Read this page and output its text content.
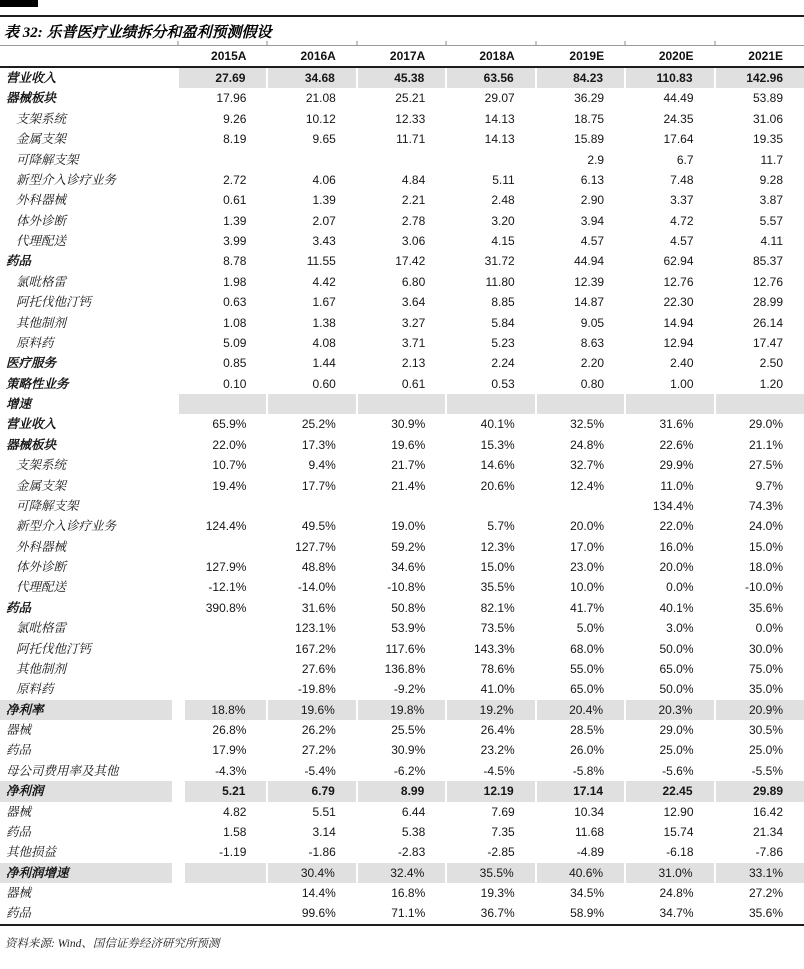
表 32: 乐普医疗业绩拆分和盈利预测假设
	2015A	2016A	2017A	2018A	2019E	2020E	2021E
营业收入	27.69	34.68	45.38	63.56	84.23	110.83	142.96
器械板块	17.96	21.08	25.21	29.07	36.29	44.49	53.89
支架系统	9.26	10.12	12.33	14.13	18.75	24.35	31.06
金属支架	8.19	9.65	11.71	14.13	15.89	17.64	19.35
可降解支架					2.9	6.7	11.7
新型介入诊疗业务	2.72	4.06	4.84	5.11	6.13	7.48	9.28
外科器械	0.61	1.39	2.21	2.48	2.90	3.37	3.87
体外诊断	1.39	2.07	2.78	3.20	3.94	4.72	5.57
代理配送	3.99	3.43	3.06	4.15	4.57	4.57	4.11
药品	8.78	11.55	17.42	31.72	44.94	62.94	85.37
氯吡格雷	1.98	4.42	6.80	11.80	12.39	12.76	12.76
阿托伐他汀钙	0.63	1.67	3.64	8.85	14.87	22.30	28.99
其他制剂	1.08	1.38	3.27	5.84	9.05	14.94	26.14
原料药	5.09	4.08	3.71	5.23	8.63	12.94	17.47
医疗服务	0.85	1.44	2.13	2.24	2.20	2.40	2.50
策略性业务	0.10	0.60	0.61	0.53	0.80	1.00	1.20
增速							
营业收入	65.9%	25.2%	30.9%	40.1%	32.5%	31.6%	29.0%
器械板块	22.0%	17.3%	19.6%	15.3%	24.8%	22.6%	21.1%
支架系统	10.7%	9.4%	21.7%	14.6%	32.7%	29.9%	27.5%
金属支架	19.4%	17.7%	21.4%	20.6%	12.4%	11.0%	9.7%
可降解支架						134.4%	74.3%
新型介入诊疗业务	124.4%	49.5%	19.0%	5.7%	20.0%	22.0%	24.0%
外科器械		127.7%	59.2%	12.3%	17.0%	16.0%	15.0%
体外诊断	127.9%	48.8%	34.6%	15.0%	23.0%	20.0%	18.0%
代理配送	-12.1%	-14.0%	-10.8%	35.5%	10.0%	0.0%	-10.0%
药品	390.8%	31.6%	50.8%	82.1%	41.7%	40.1%	35.6%
氯吡格雷		123.1%	53.9%	73.5%	5.0%	3.0%	0.0%
阿托伐他汀钙		167.2%	117.6%	143.3%	68.0%	50.0%	30.0%
其他制剂		27.6%	136.8%	78.6%	55.0%	65.0%	75.0%
原料药		-19.8%	-9.2%	41.0%	65.0%	50.0%	35.0%
净利率	18.8%	19.6%	19.8%	19.2%	20.4%	20.3%	20.9%
器械	26.8%	26.2%	25.5%	26.4%	28.5%	29.0%	30.5%
药品	17.9%	27.2%	30.9%	23.2%	26.0%	25.0%	25.0%
母公司费用率及其他	-4.3%	-5.4%	-6.2%	-4.5%	-5.8%	-5.6%	-5.5%
净利润	5.21	6.79	8.99	12.19	17.14	22.45	29.89
器械	4.82	5.51	6.44	7.69	10.34	12.90	16.42
药品	1.58	3.14	5.38	7.35	11.68	15.74	21.34
其他损益	-1.19	-1.86	-2.83	-2.85	-4.89	-6.18	-7.86
净利润增速		30.4%	32.4%	35.5%	40.6%	31.0%	33.1%
器械		14.4%	16.8%	19.3%	34.5%	24.8%	27.2%
药品		99.6%	71.1%	36.7%	58.9%	34.7%	35.6%
资料来源: Wind、国信证券经济研究所预测
